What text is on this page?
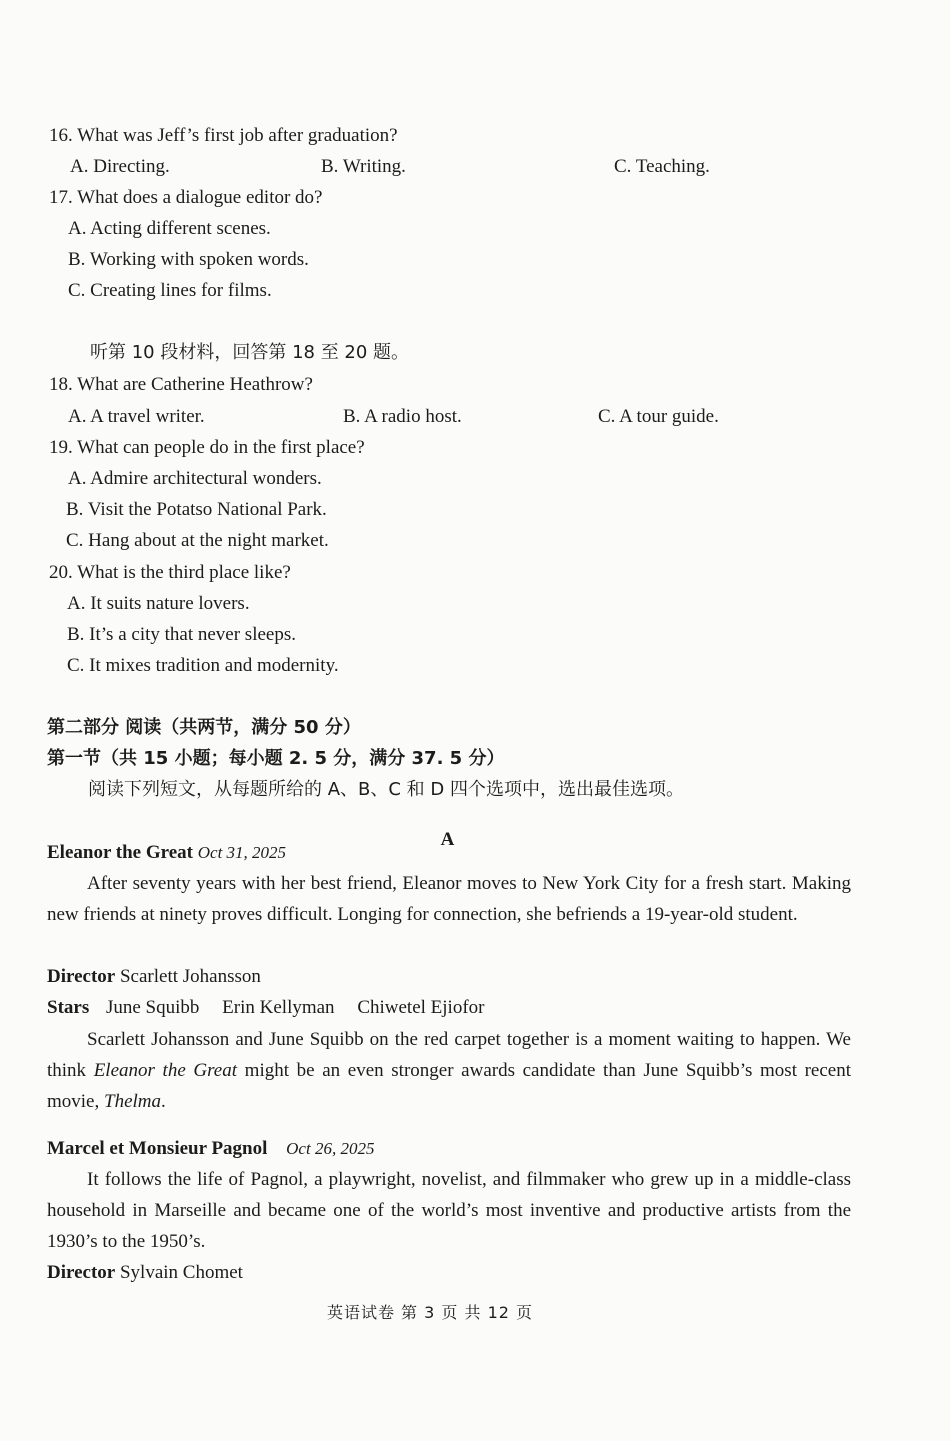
16. What was Jeff’s first job after graduation?

A. Directing.	B. Writing.	C. Teaching.

17. What does a dialogue editor do?

A. Acting different scenes.

B. Working with spoken words.

C. Creating lines for films.

听第 10 段材料，回答第 18 至 20 题。

18. What are Catherine Heathrow?

A. A travel writer.	B. A radio host.	C. A tour guide.

19. What can people do in the first place?

A. Admire architectural wonders.

B. Visit the Potatso National Park.

C. Hang about at the night market.

20. What is the third place like?

A. It suits nature lovers.

B. It’s a city that never sleeps.

C. It mixes tradition and modernity.

第二部分 阅读（共两节，满分 50 分）

第一节（共 15 小题；每小题 2. 5 分，满分 37. 5 分）

阅读下列短文，从每题所给的 A、B、C 和 D 四个选项中，选出最佳选项。

A

Eleanor the Great Oct 31, 2025

After seventy years with her best friend, Eleanor moves to New York City for a fresh start. Making new friends at ninety proves difficult. Longing for connection, she befriends a 19-year-old student.

Director Scarlett Johansson

Stars June Squibb Erin Kellyman Chiwetel Ejiofor

Scarlett Johansson and June Squibb on the red carpet together is a moment waiting to happen. We think Eleanor the Great might be an even stronger awards candidate than June Squibb’s most recent movie, Thelma.

Marcel et Monsieur Pagnol Oct 26, 2025

It follows the life of Pagnol, a playwright, novelist, and filmmaker who grew up in a middle-class household in Marseille and became one of the world’s most inventive and productive artists from the 1930’s to the 1950’s.

Director Sylvain Chomet

英语试卷 第 3 页 共 12 页
